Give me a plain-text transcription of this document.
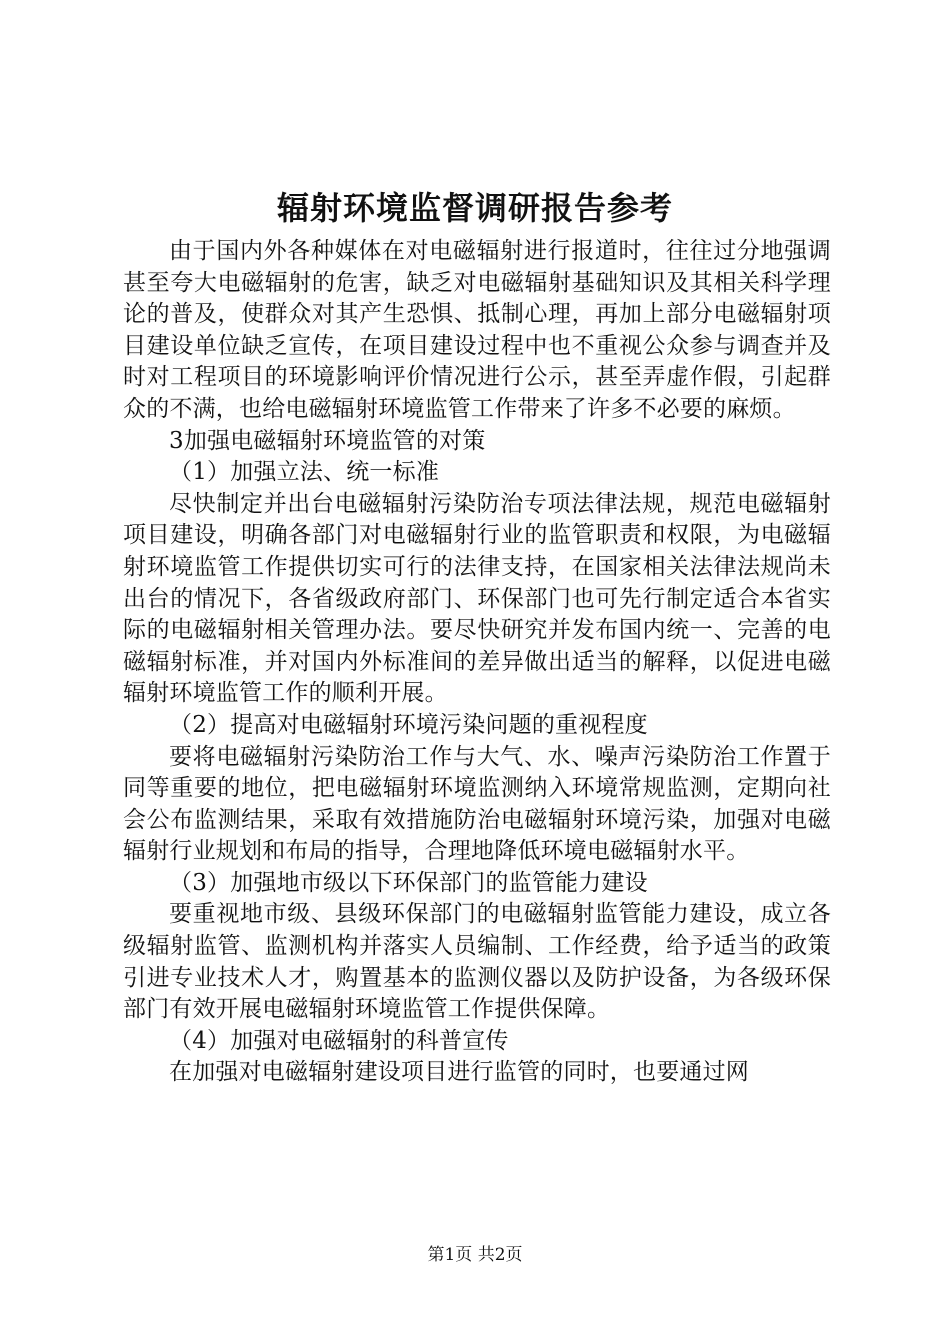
辐射环境监督调研报告参考

由于国内外各种媒体在对电磁辐射进行报道时，往往过分地强调甚至夸大电磁辐射的危害，缺乏对电磁辐射基础知识及其相关科学理论的普及，使群众对其产生恐惧、抵制心理，再加上部分电磁辐射项目建设单位缺乏宣传，在项目建设过程中也不重视公众参与调查并及时对工程项目的环境影响评价情况进行公示，甚至弄虚作假，引起群众的不满，也给电磁辐射环境监管工作带来了许多不必要的麻烦。

3加强电磁辐射环境监管的对策

（1）加强立法、统一标准

尽快制定并出台电磁辐射污染防治专项法律法规，规范电磁辐射项目建设，明确各部门对电磁辐射行业的监管职责和权限，为电磁辐射环境监管工作提供切实可行的法律支持，在国家相关法律法规尚未出台的情况下，各省级政府部门、环保部门也可先行制定适合本省实际的电磁辐射相关管理办法。要尽快研究并发布国内统一、完善的电磁辐射标准，并对国内外标准间的差异做出适当的解释，以促进电磁辐射环境监管工作的顺利开展。

（2）提高对电磁辐射环境污染问题的重视程度

要将电磁辐射污染防治工作与大气、水、噪声污染防治工作置于同等重要的地位，把电磁辐射环境监测纳入环境常规监测，定期向社会公布监测结果，采取有效措施防治电磁辐射环境污染，加强对电磁辐射行业规划和布局的指导，合理地降低环境电磁辐射水平。

（3）加强地市级以下环保部门的监管能力建设

要重视地市级、县级环保部门的电磁辐射监管能力建设，成立各级辐射监管、监测机构并落实人员编制、工作经费，给予适当的政策引进专业技术人才，购置基本的监测仪器以及防护设备，为各级环保部门有效开展电磁辐射环境监管工作提供保障。

（4）加强对电磁辐射的科普宣传

在加强对电磁辐射建设项目进行监管的同时，也要通过网

第1页 共2页
